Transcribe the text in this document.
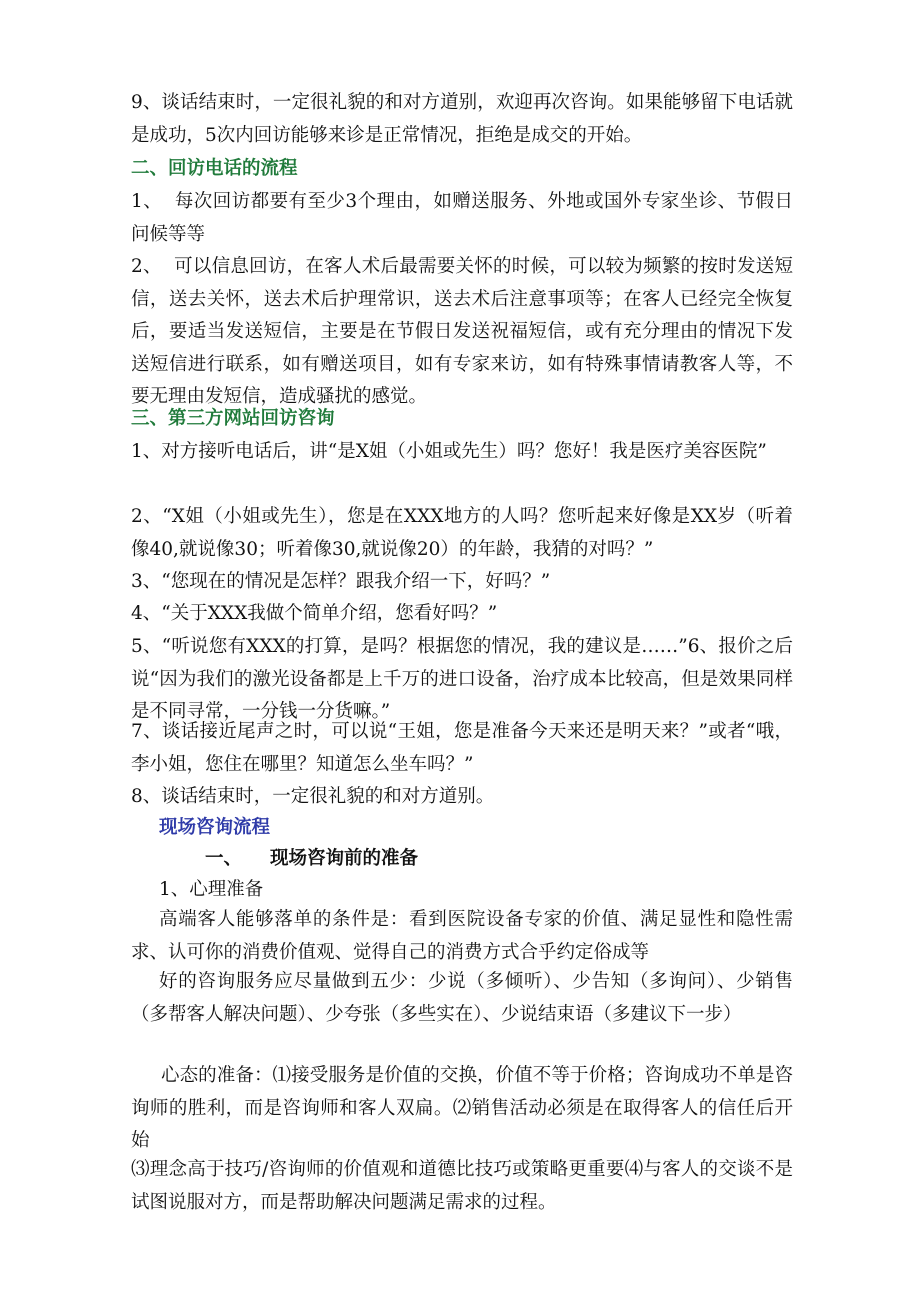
9、谈话结束时，一定很礼貌的和对方道别，欢迎再次咨询。如果能够留下电话就是成功，5次内回访能够来诊是正常情况，拒绝是成交的开始。

二、回访电话的流程

1、  每次回访都要有至少3个理由，如赠送服务、外地或国外专家坐诊、节假日问候等等

2、  可以信息回访，在客人术后最需要关怀的时候，可以较为频繁的按时发送短信，送去关怀，送去术后护理常识，送去术后注意事项等；在客人已经完全恢复后，要适当发送短信，主要是在节假日发送祝福短信，或有充分理由的情况下发送短信进行联系，如有赠送项目，如有专家来访，如有特殊事情请教客人等，不要无理由发短信，造成骚扰的感觉。

三、第三方网站回访咨询

1、对方接听电话后，讲“是X姐（小姐或先生）吗？您好！我是医疗美容医院”

2、“X姐（小姐或先生），您是在XXX地方的人吗？您听起来好像是XX岁（听着像40,就说像30；听着像30,就说像20）的年龄，我猜的对吗？”

3、“您现在的情况是怎样？跟我介绍一下，好吗？”

4、“关于XXX我做个简单介绍，您看好吗？”

5、“听说您有XXX的打算，是吗？根据您的情况，我的建议是……”6、报价之后说“因为我们的激光设备都是上千万的进口设备，治疗成本比较高，但是效果同样是不同寻常，一分钱一分货嘛。”

7、谈话接近尾声之时，可以说“王姐，您是准备今天来还是明天来？”或者“哦，李小姐，您住在哪里？知道怎么坐车吗？”

8、谈话结束时，一定很礼貌的和对方道别。

现场咨询流程
一、 现场咨询前的准备

1、心理准备

高端客人能够落单的条件是：看到医院设备专家的价值、满足显性和隐性需求、认可你的消费价值观、觉得自己的消费方式合乎约定俗成等

好的咨询服务应尽量做到五少：少说（多倾听）、少告知（多询问）、少销售（多帮客人解决问题）、少夸张（多些实在）、少说结束语（多建议下一步）

心态的准备：⑴接受服务是价值的交换，价值不等于价格；咨询成功不单是咨询师的胜利，而是咨询师和客人双扁。⑵销售活动必须是在取得客人的信任后开始

⑶理念高于技巧/咨询师的价值观和道德比技巧或策略更重要⑷与客人的交谈不是试图说服对方，而是帮助解决问题满足需求的过程。
